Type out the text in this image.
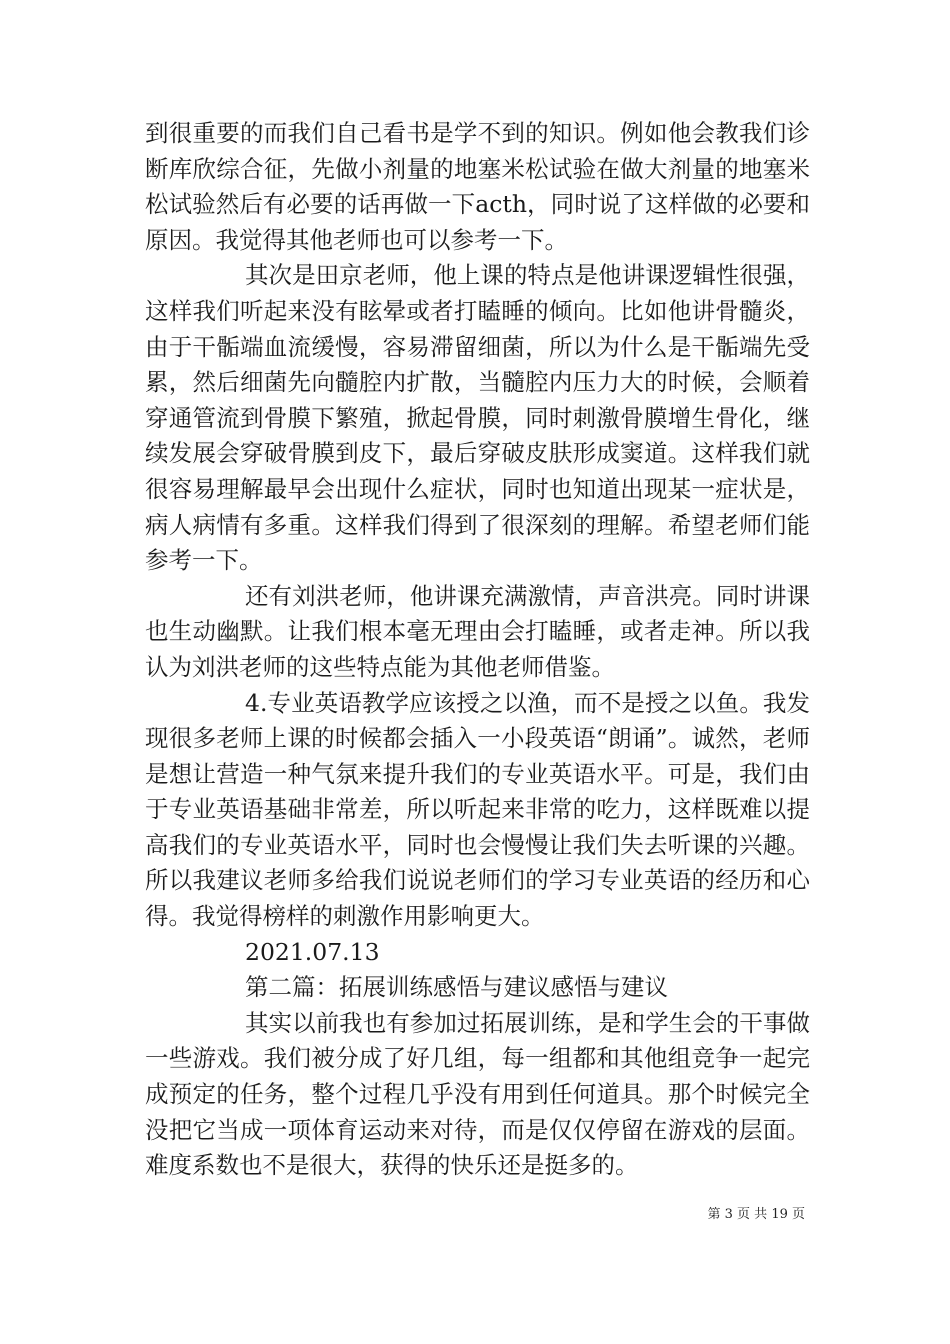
到很重要的而我们自己看书是学不到的知识。例如他会教我们诊断库欣综合征，先做小剂量的地塞米松试验在做大剂量的地塞米松试验然后有必要的话再做一下acth，同时说了这样做的必要和原因。我觉得其他老师也可以参考一下。

其次是田京老师，他上课的特点是他讲课逻辑性很强，这样我们听起来没有眩晕或者打瞌睡的倾向。比如他讲骨髓炎，由于干骺端血流缓慢，容易滞留细菌，所以为什么是干骺端先受累，然后细菌先向髓腔内扩散，当髓腔内压力大的时候，会顺着穿通管流到骨膜下繁殖，掀起骨膜，同时刺激骨膜增生骨化，继续发展会穿破骨膜到皮下，最后穿破皮肤形成窦道。这样我们就很容易理解最早会出现什么症状，同时也知道出现某一症状是，病人病情有多重。这样我们得到了很深刻的理解。希望老师们能参考一下。

还有刘洪老师，他讲课充满激情，声音洪亮。同时讲课也生动幽默。让我们根本毫无理由会打瞌睡，或者走神。所以我认为刘洪老师的这些特点能为其他老师借鉴。

4.专业英语教学应该授之以渔，而不是授之以鱼。我发现很多老师上课的时候都会插入一小段英语“朗诵”。诚然，老师是想让营造一种气氛来提升我们的专业英语水平。可是，我们由于专业英语基础非常差，所以听起来非常的吃力，这样既难以提高我们的专业英语水平，同时也会慢慢让我们失去听课的兴趣。所以我建议老师多给我们说说老师们的学习专业英语的经历和心得。我觉得榜样的刺激作用影响更大。

2021.07.13

第二篇：拓展训练感悟与建议感悟与建议

其实以前我也有参加过拓展训练，是和学生会的干事做一些游戏。我们被分成了好几组，每一组都和其他组竞争一起完成预定的任务，整个过程几乎没有用到任何道具。那个时候完全没把它当成一项体育运动来对待，而是仅仅停留在游戏的层面。难度系数也不是很大，获得的快乐还是挺多的。

第 3 页 共 19 页
